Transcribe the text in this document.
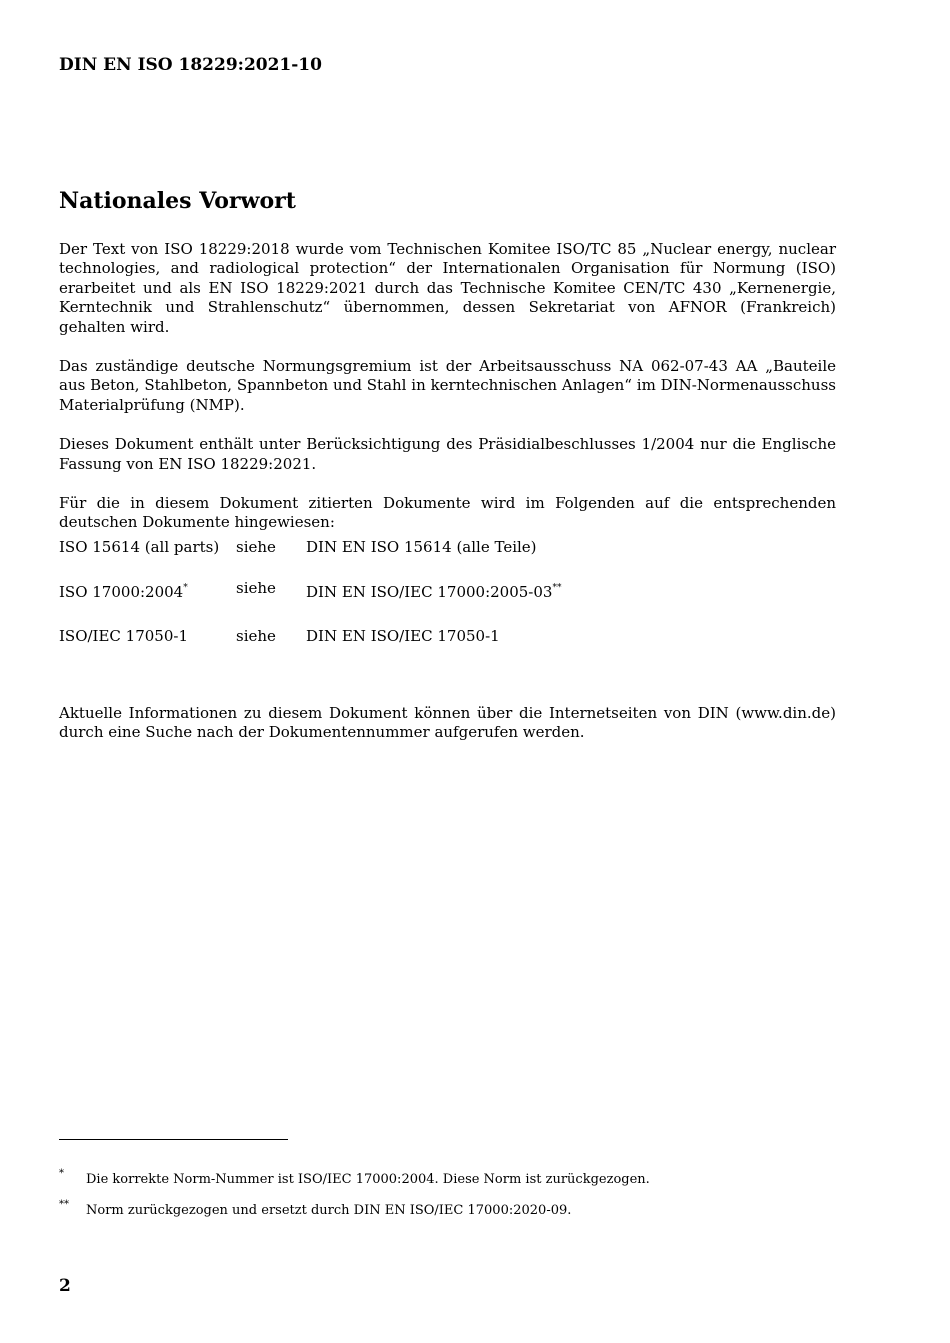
DIN EN ISO 18229:2021-10
Nationales Vorwort

Der Text von ISO 18229:2018 wurde vom Technischen Komitee ISO/TC 85 „Nuclear energy, nuclear technologies, and radiological protection“ der Internationalen Organisation für Normung (ISO) erarbeitet und als EN ISO 18229:2021 durch das Technische Komitee CEN/TC 430 „Kernenergie, Kerntechnik und Strahlenschutz“ übernommen, dessen Sekretariat von AFNOR (Frankreich) gehalten wird.

Das zuständige deutsche Normungsgremium ist der Arbeitsausschuss NA 062-07-43 AA „Bauteile aus Beton, Stahlbeton, Spannbeton und Stahl in kerntechnischen Anlagen“ im DIN-Normenausschuss Materialprüfung (NMP).

Dieses Dokument enthält unter Berücksichtigung des Präsidialbeschlusses 1/2004 nur die Englische Fassung von EN ISO 18229:2021.

Für die in diesem Dokument zitierten Dokumente wird im Folgenden auf die entsprechenden deutschen Dokumente hingewiesen:

ISO 15614 (all parts) siehe DIN EN ISO 15614 (alle Teile)
ISO 17000:2004*	siehe DIN EN ISO/IEC 17000:2005-03**
ISO/IEC 17050-1	siehe DIN EN ISO/IEC 17050-1

Aktuelle Informationen zu diesem Dokument können über die Internetseiten von DIN (www.din.de) durch eine Suche nach der Dokumentennummer aufgerufen werden.

* Die korrekte Norm-Nummer ist ISO/IEC 17000:2004. Diese Norm ist zurückgezogen.
** Norm zurückgezogen und ersetzt durch DIN EN ISO/IEC 17000:2020-09.
2
